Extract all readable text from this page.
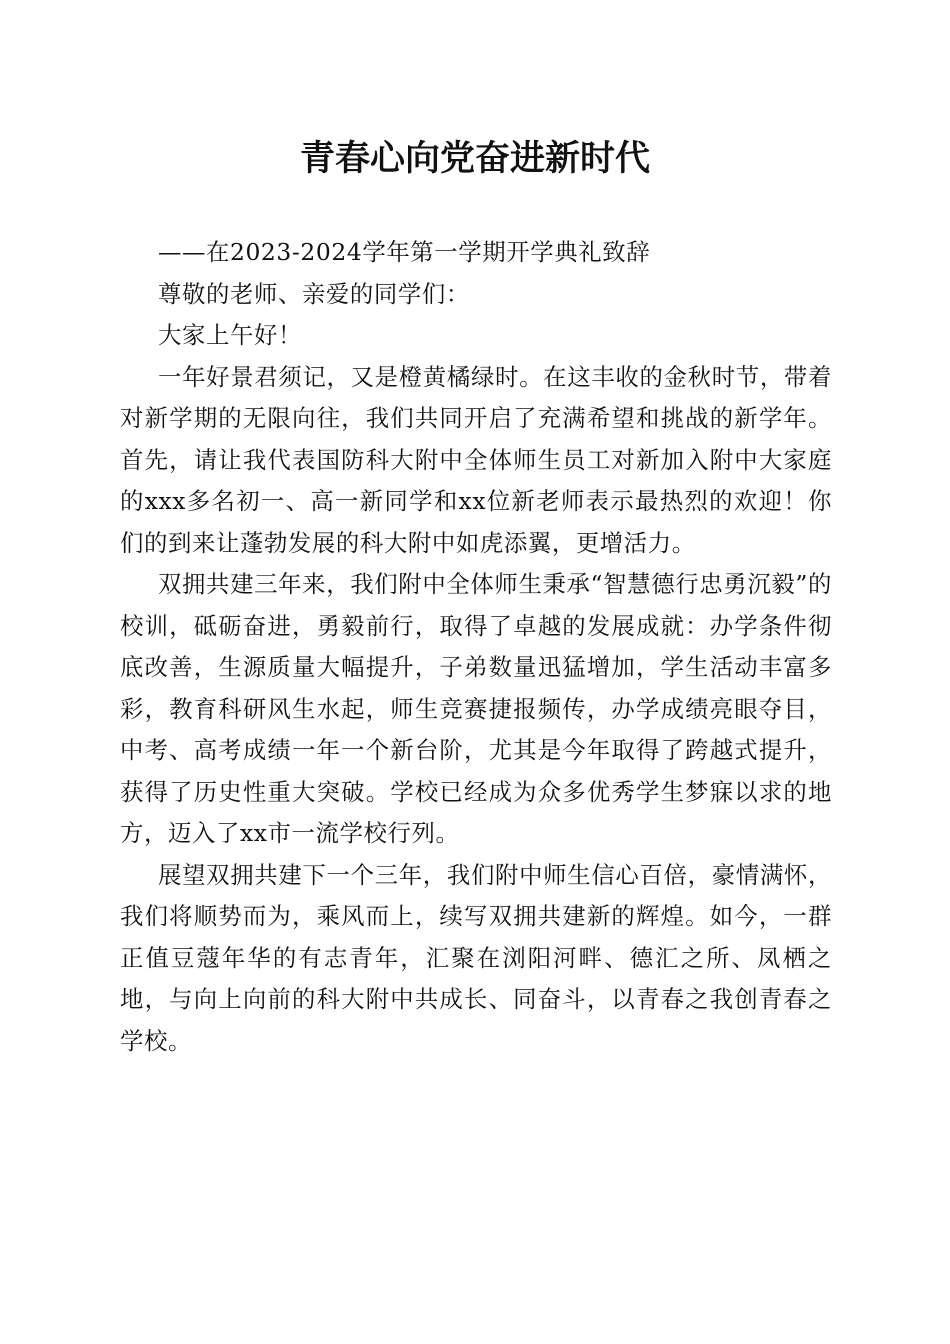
青春心向党奋进新时代

——在2023-2024学年第一学期开学典礼致辞

尊敬的老师、亲爱的同学们：

大家上午好！

一年好景君须记，又是橙黄橘绿时。在这丰收的金秋时节，带着对新学期的无限向往，我们共同开启了充满希望和挑战的新学年。首先，请让我代表国防科大附中全体师生员工对新加入附中大家庭的xxx多名初一、高一新同学和xx位新老师表示最热烈的欢迎！你们的到来让蓬勃发展的科大附中如虎添翼，更增活力。

双拥共建三年来，我们附中全体师生秉承“智慧德行忠勇沉毅”的校训，砥砺奋进，勇毅前行，取得了卓越的发展成就：办学条件彻底改善，生源质量大幅提升，子弟数量迅猛增加，学生活动丰富多彩，教育科研风生水起，师生竞赛捷报频传，办学成绩亮眼夺目，中考、高考成绩一年一个新台阶，尤其是今年取得了跨越式提升，获得了历史性重大突破。学校已经成为众多优秀学生梦寐以求的地方，迈入了xx市一流学校行列。

展望双拥共建下一个三年，我们附中师生信心百倍，豪情满怀，我们将顺势而为，乘风而上，续写双拥共建新的辉煌。如今，一群正值豆蔻年华的有志青年，汇聚在浏阳河畔、德汇之所、凤栖之地，与向上向前的科大附中共成长、同奋斗，以青春之我创青春之学校。
